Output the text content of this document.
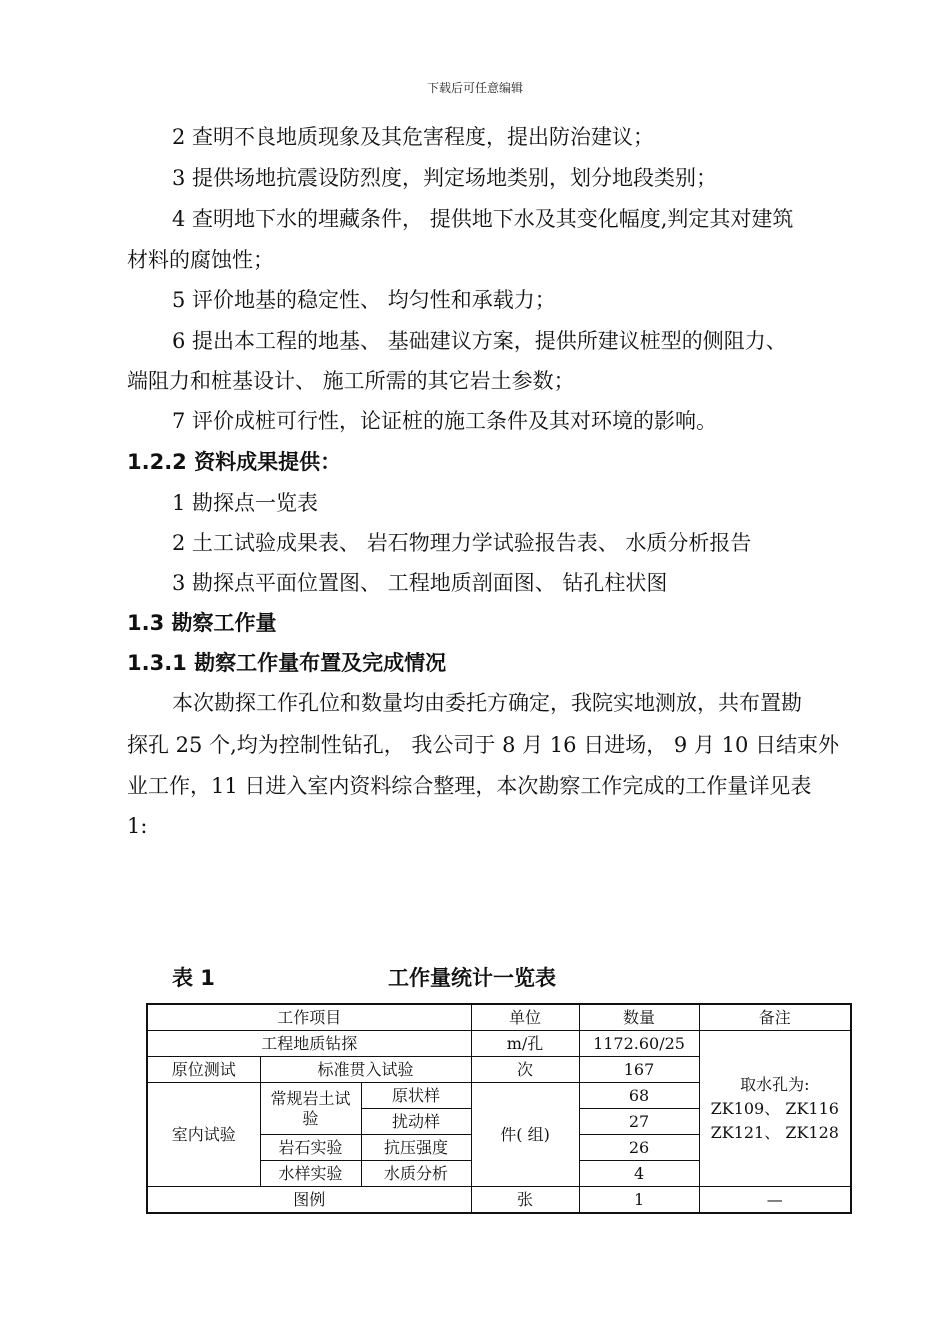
下载后可任意编辑
2 查明不良地质现象及其危害程度，提出防治建议；
3 提供场地抗震设防烈度，判定场地类别，划分地段类别；
4 查明地下水的埋藏条件， 提供地下水及其变化幅度,判定其对建筑
材料的腐蚀性；
5 评价地基的稳定性、 均匀性和承载力；
6 提出本工程的地基、 基础建议方案，提供所建议桩型的侧阻力、
端阻力和桩基设计、 施工所需的其它岩土参数；
7 评价成桩可行性，论证桩的施工条件及其对环境的影响。
1.2.2 资料成果提供：
1 勘探点一览表
2 土工试验成果表、 岩石物理力学试验报告表、 水质分析报告
3 勘探点平面位置图、 工程地质剖面图、 钻孔柱状图
1.3 勘察工作量
1.3.1 勘察工作量布置及完成情况
本次勘探工作孔位和数量均由委托方确定，我院实地测放，共布置勘
探孔 25 个,均为控制性钻孔， 我公司于 8 月 16 日进场， 9 月 10 日结束外
业工作，11 日进入室内资料综合整理，本次勘察工作完成的工作量详见表
1:
表 1	工作量统计一览表
工作项目			单位	数量	备注
工程地质钻探			m/孔	1172.60/25	取水孔为:
ZK109、 ZK116
ZK121、 ZK128

原位测试	标准贯入试验		次	167	
室内试验	常规岩土试验	原状样	件( 组)	68	
		扰动样		27	
	岩石实验	抗压强度		26	
	水样实验	水质分析		4	
图例			张	1	—
